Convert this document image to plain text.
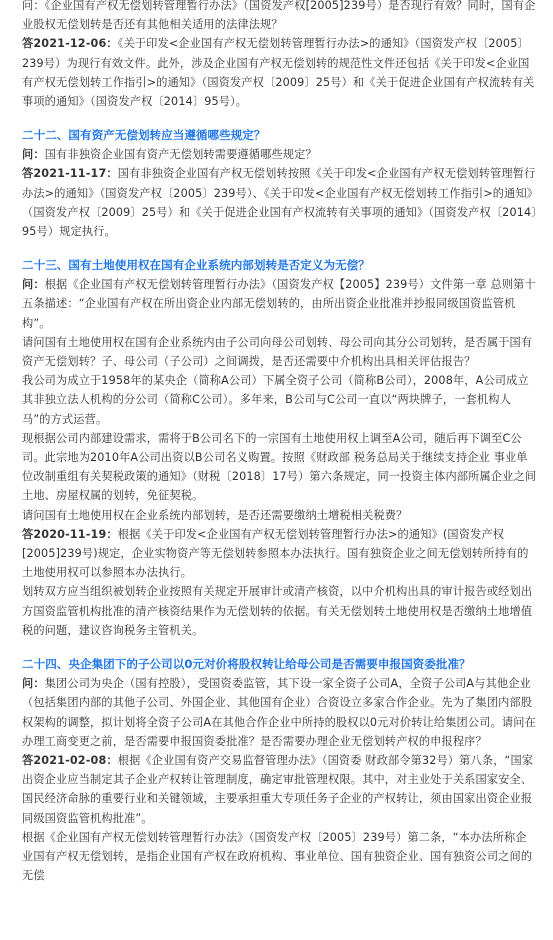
问：《企业国有产权无偿划转管理暂行办法》（国资发产权[2005]239号）是否现行有效？同时，国有企业股权无偿划转是否还有其他相关适用的法律法规？

答2021-12-06：《关于印发<企业国有产权无偿划转管理暂行办法>的通知》（国资发产权〔2005〕239号）为现行有效文件。此外，涉及企业国有产权无偿划转的规范性文件还包括《关于印发<企业国有产权无偿划转工作指引>的通知》（国资发产权〔2009〕25号）和《关于促进企业国有产权流转有关事项的通知》（国资发产权〔2014〕95号）。

二十二、国有资产无偿划转应当遵循哪些规定？

问：国有非独资企业国有资产无偿划转需要遵循哪些规定？

答2021-11-17：国有非独资企业国有产权无偿划转按照《关于印发<企业国有产权无偿划转管理暂行办法>的通知》（国资发产权〔2005〕239号）、《关于印发<企业国有产权无偿划转工作指引>的通知》（国资发产权〔2009〕25号）和《关于促进企业国有产权流转有关事项的通知》（国资发产权〔2014〕95号）规定执行。

二十三、国有土地使用权在国有企业系统内部划转是否定义为无偿？

问：根据《企业国有产权无偿划转管理暂行办法》（国资发产权【2005】239号）文件第一章 总则第十五条描述：“企业国有产权在所出资企业内部无偿划转的，由所出资企业批准并抄报同级国资监管机构”。

请问国有土地使用权在国有企业系统内由子公司向母公司划转、母公司向其分公司划转，是否属于国有资产无偿划转？子、母公司（子公司）之间调拨，是否还需要中介机构出具相关评估报告？

我公司为成立于1958年的某央企（简称A公司）下属全资子公司（简称B公司），2008年，A公司成立其非独立法人机构的分公司（简称C公司）。多年来，B公司与C公司一直以“两块牌子，一套机构人马”的方式运营。

现根据公司内部建设需求，需将于B公司名下的一宗国有土地使用权上调至A公司，随后再下调至C公司。此宗地为2010年A公司出资以B公司名义购置。按照《财政部 税务总局关于继续支持企业 事业单位改制重组有关契税政策的通知》（财税〔2018〕17号）第六条规定，同一投资主体内部所属企业之间土地、房屋权属的划转，免征契税。

请问国有土地使用权在企业系统内部划转，是否还需要缴纳土增税相关税费？

答2020-11-19：根据《关于印发<企业国有产权无偿划转管理暂行办法>的通知》(国资发产权[2005]239号)规定，企业实物资产等无偿划转参照本办法执行。国有独资企业之间无偿划转所持有的土地使用权可以参照本办法执行。

划转双方应当组织被划转企业按照有关规定开展审计或清产核资，以中介机构出具的审计报告或经划出方国资监管机构批准的清产核资结果作为无偿划转的依据。有关无偿划转土地使用权是否缴纳土地增值税的问题，建议咨询税务主管机关。

二十四、央企集团下的子公司以0元对价将股权转让给母公司是否需要申报国资委批准？

问：集团公司为央企（国有控股），受国资委监管，其下设一家全资子公司A，全资子公司A与其他企业（包括集团内部的其他子公司、外国企业、其他国有企业）合资设立多家合作企业。先为了集团内部股权架构的调整，拟计划将全资子公司A在其他合作企业中所持的股权以0元对价转让给集团公司。请问在办理工商变更之前，是否需要申报国资委批准？是否需要办理企业无偿划转产权的申报程序？

答2021-02-08：根据《企业国有资产交易监督管理办法》（国资委 财政部令第32号）第八条，“国家出资企业应当制定其子企业产权转让管理制度，确定审批管理权限。其中，对主业处于关系国家安全、国民经济命脉的重要行业和关键领域，主要承担重大专项任务子企业的产权转让，须由国家出资企业报同级国资监管机构批准”。

根据《企业国有产权无偿划转管理暂行办法》（国资发产权〔2005〕239号）第二条，“本办法所称企业国有产权无偿划转，是指企业国有产权在政府机构、事业单位、国有独资企业、国有独资公司之间的无偿
